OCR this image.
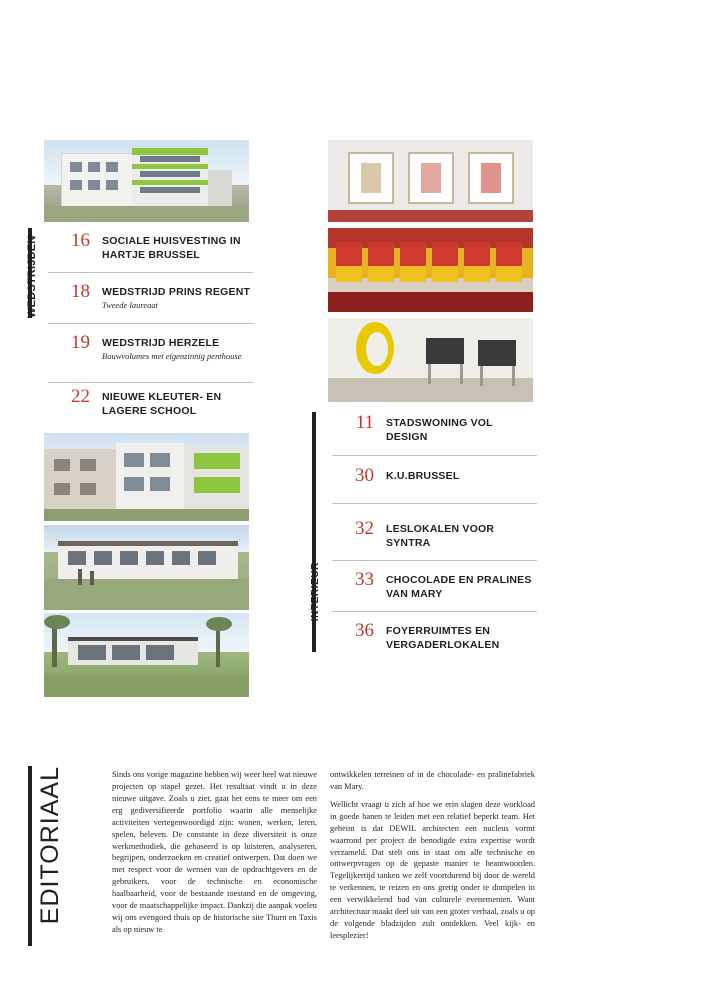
WEDSTRIJDEN	16 SOCIALE HUISVESTING IN HARTJE BRUSSEL
18 WEDSTRIJD PRINS REGENT
Tweede laureaat
19 WEDSTRIJD HERZELE
Bouwvolumes met eigenzinnig penthouse
22 NIEUWE KLEUTER- EN LAGERE SCHOOL
INTERIEUR
11 STADSWONING VOL DESIGN
30 K.U.BRUSSEL
32 LESLOKALEN VOOR SYNTRA
33 CHOCOLADE EN PRALINES VAN MARY
36 FOYERRUIMTES EN VERGADERLOKALEN
EDITORIAAL	Sinds ons vorige magazine hebben wij weer heel wat nieuwe projecten op stapel gezet. Het resultaat vindt u in deze nieuwe uitgave. Zoals u ziet, gaat het eens te meer om een erg gediversifieerde portfolio waarin alle menselijke activiteiten vertegenwoordigd zijn: wonen, werken, leren, spelen, beleven. De constante in deze diversiteit is onze werkmethodiek, die gebaseerd is op luisteren, analyseren, begrijpen, onderzoeken en creatief ontwerpen. Dat doen we met respect voor de wensen van de opdrachtgevers en de gebruikers, voor de technische en economische haalbaarheid, voor de bestaande toestand en de omgeving, voor de maatschappelijke impact. Dankzij die aanpak voelen wij ons evengoed thuis op de historische site Thurn en Taxis als op nieuw te

ontwikkelen terreinen of in de chocolade- en pralinefabriek van Mary.

Wellicht vraagt u zich af hoe we erin slagen deze workload in goede banen te leiden met een relatief beperkt team. Het geheim is dat DEWIL architecten een nucleus vormt waarrond per project de benodigde extra expertise wordt verzameld. Dat stelt ons in staat om alle technische en ontwerpvragen op de gepaste manier te beantwoorden. Tegelijkertijd tanken we zelf voortdurend bij door de wereld te verkennen, te reizen en ons gretig onder te dompelen in een verwikkelend bad van culturele evenementen. Want architectuur maakt deel uit van een groter verhaal, zoals u op de volgende bladzijden zult ontdekken. Veel kijk- en leesplezier!
